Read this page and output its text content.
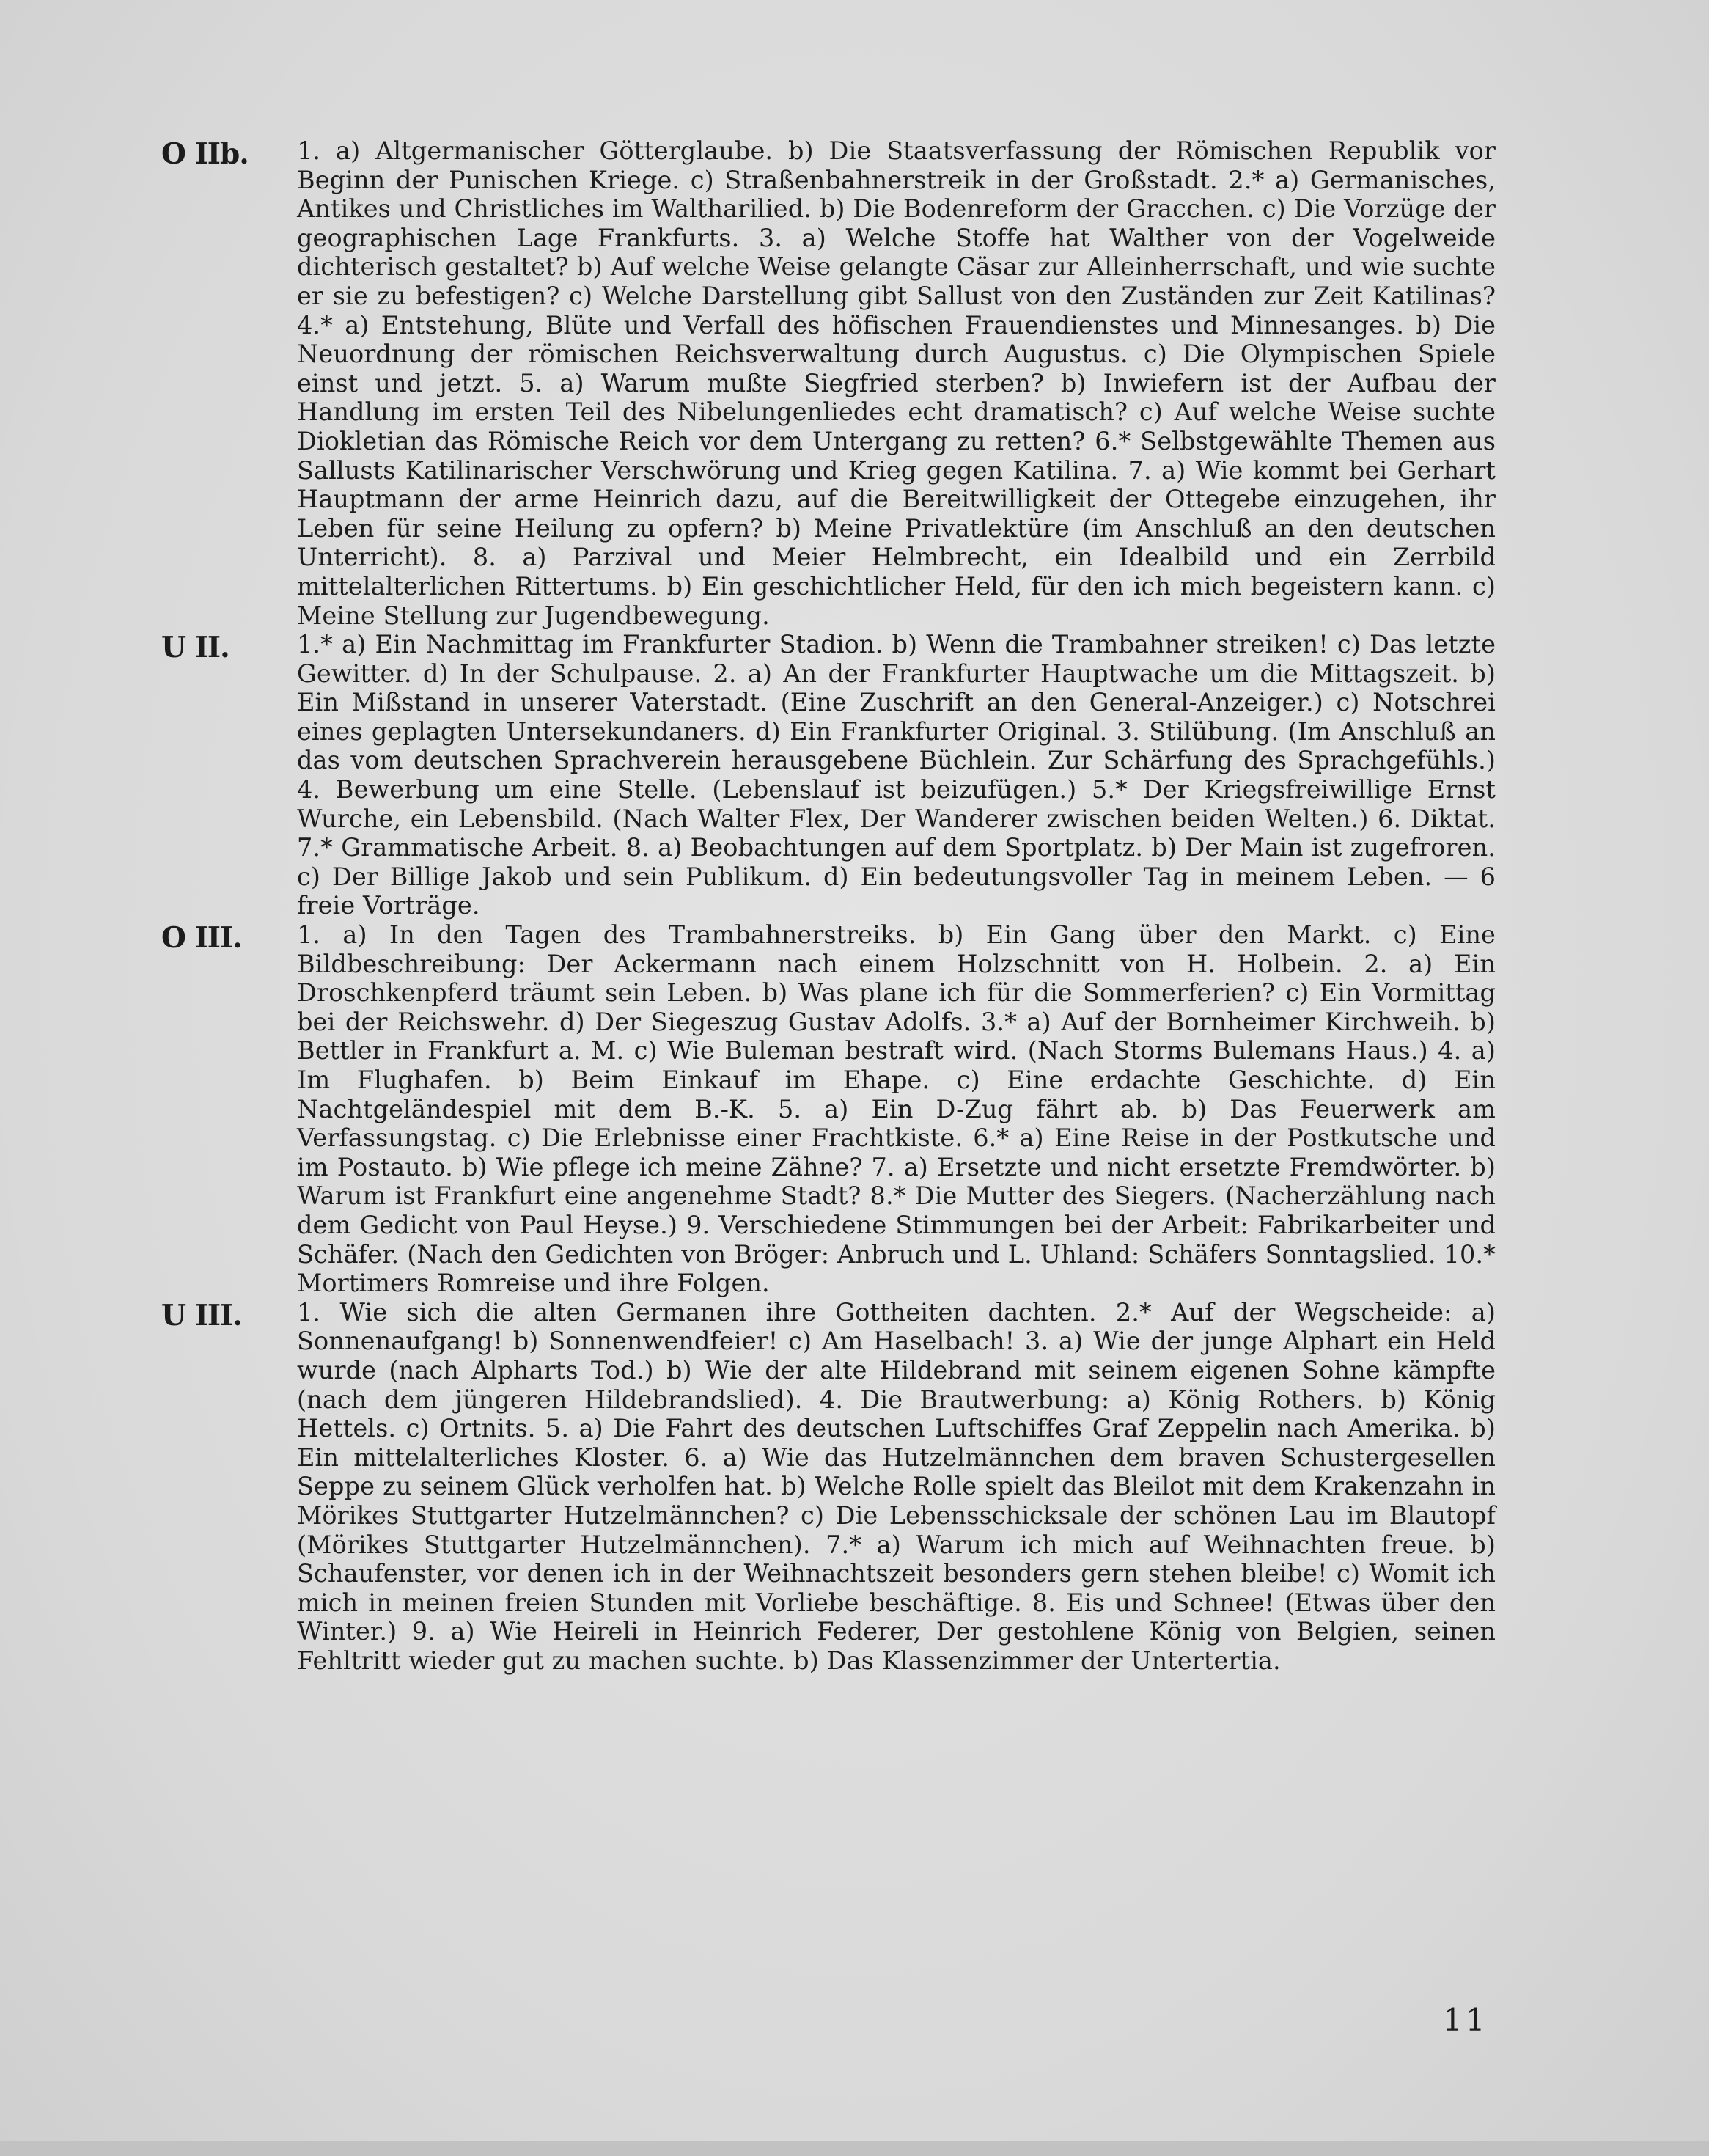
O IIb.	1. a) Altgermanischer Götterglaube. b) Die Staatsverfassung der Römischen Republik vor Beginn der Punischen Kriege. c) Straßenbahnerstreik in der Großstadt. 2.* a) Germanisches, Antikes und Christliches im Waltharilied. b) Die Bodenreform der Gracchen. c) Die Vorzüge der geographischen Lage Frankfurts. 3. a) Welche Stoffe hat Walther von der Vogelweide dichterisch gestaltet? b) Auf welche Weise gelangte Cäsar zur Alleinherrschaft, und wie suchte er sie zu befestigen? c) Welche Darstellung gibt Sallust von den Zuständen zur Zeit Katilinas? 4.* a) Entstehung, Blüte und Verfall des höfischen Frauendienstes und Minnesanges. b) Die Neuordnung der römischen Reichsverwaltung durch Augustus. c) Die Olympischen Spiele einst und jetzt. 5. a) Warum mußte Siegfried sterben? b) Inwiefern ist der Aufbau der Handlung im ersten Teil des Nibelungenliedes echt dramatisch? c) Auf welche Weise suchte Diokletian das Römische Reich vor dem Untergang zu retten? 6.* Selbstgewählte Themen aus Sallusts Katilinarischer Verschwörung und Krieg gegen Katilina. 7. a) Wie kommt bei Gerhart Hauptmann der arme Heinrich dazu, auf die Bereitwilligkeit der Ottegebe einzugehen, ihr Leben für seine Heilung zu opfern? b) Meine Privatlektüre (im Anschluß an den deutschen Unterricht). 8. a) Parzival und Meier Helmbrecht, ein Idealbild und ein Zerrbild mittelalterlichen Rittertums. b) Ein geschichtlicher Held, für den ich mich begeistern kann. c) Meine Stellung zur Jugendbewegung.
U II.	1.* a) Ein Nachmittag im Frankfurter Stadion. b) Wenn die Trambahner streiken! c) Das letzte Gewitter. d) In der Schulpause. 2. a) An der Frankfurter Hauptwache um die Mittagszeit. b) Ein Mißstand in unserer Vaterstadt. (Eine Zuschrift an den General-Anzeiger.) c) Notschrei eines geplagten Untersekundaners. d) Ein Frankfurter Original. 3. Stilübung. (Im Anschluß an das vom deutschen Sprachverein herausgebene Büchlein. Zur Schärfung des Sprachgefühls.) 4. Bewerbung um eine Stelle. (Lebenslauf ist beizufügen.) 5.* Der Kriegsfreiwillige Ernst Wurche, ein Lebensbild. (Nach Walter Flex, Der Wanderer zwischen beiden Welten.) 6. Diktat. 7.* Grammatische Arbeit. 8. a) Beobachtungen auf dem Sportplatz. b) Der Main ist zugefroren. c) Der Billige Jakob und sein Publikum. d) Ein bedeutungsvoller Tag in meinem Leben. — 6 freie Vorträge.
O III.	1. a) In den Tagen des Trambahnerstreiks. b) Ein Gang über den Markt. c) Eine Bildbeschreibung: Der Ackermann nach einem Holzschnitt von H. Holbein. 2. a) Ein Droschkenpferd träumt sein Leben. b) Was plane ich für die Sommerferien? c) Ein Vormittag bei der Reichswehr. d) Der Siegeszug Gustav Adolfs. 3.* a) Auf der Bornheimer Kirchweih. b) Bettler in Frankfurt a. M. c) Wie Buleman bestraft wird. (Nach Storms Bulemans Haus.) 4. a) Im Flughafen. b) Beim Einkauf im Ehape. c) Eine erdachte Geschichte. d) Ein Nachtgeländespiel mit dem B.-K. 5. a) Ein D-Zug fährt ab. b) Das Feuerwerk am Verfassungstag. c) Die Erlebnisse einer Frachtkiste. 6.* a) Eine Reise in der Postkutsche und im Postauto. b) Wie pflege ich meine Zähne? 7. a) Ersetzte und nicht ersetzte Fremdwörter. b) Warum ist Frankfurt eine angenehme Stadt? 8.* Die Mutter des Siegers. (Nacherzählung nach dem Gedicht von Paul Heyse.) 9. Verschiedene Stimmungen bei der Arbeit: Fabrikarbeiter und Schäfer. (Nach den Gedichten von Bröger: Anbruch und L. Uhland: Schäfers Sonntagslied. 10.* Mortimers Romreise und ihre Folgen.
U III.	1. Wie sich die alten Germanen ihre Gottheiten dachten. 2.* Auf der Wegscheide: a) Sonnenaufgang! b) Sonnenwendfeier! c) Am Haselbach! 3. a) Wie der junge Alphart ein Held wurde (nach Alpharts Tod.) b) Wie der alte Hildebrand mit seinem eigenen Sohne kämpfte (nach dem jüngeren Hildebrandslied). 4. Die Brautwerbung: a) König Rothers. b) König Hettels. c) Ortnits. 5. a) Die Fahrt des deutschen Luftschiffes Graf Zeppelin nach Amerika. b) Ein mittelalterliches Kloster. 6. a) Wie das Hutzelmännchen dem braven Schustergesellen Seppe zu seinem Glück verholfen hat. b) Welche Rolle spielt das Bleilot mit dem Krakenzahn in Mörikes Stuttgarter Hutzelmännchen? c) Die Lebensschicksale der schönen Lau im Blautopf (Mörikes Stuttgarter Hutzelmännchen). 7.* a) Warum ich mich auf Weihnachten freue. b) Schaufenster, vor denen ich in der Weihnachtszeit besonders gern stehen bleibe! c) Womit ich mich in meinen freien Stunden mit Vorliebe beschäftige. 8. Eis und Schnee! (Etwas über den Winter.) 9. a) Wie Heireli in Heinrich Federer, Der gestohlene König von Belgien, seinen Fehltritt wieder gut zu machen suchte. b) Das Klassenzimmer der Untertertia.
11
